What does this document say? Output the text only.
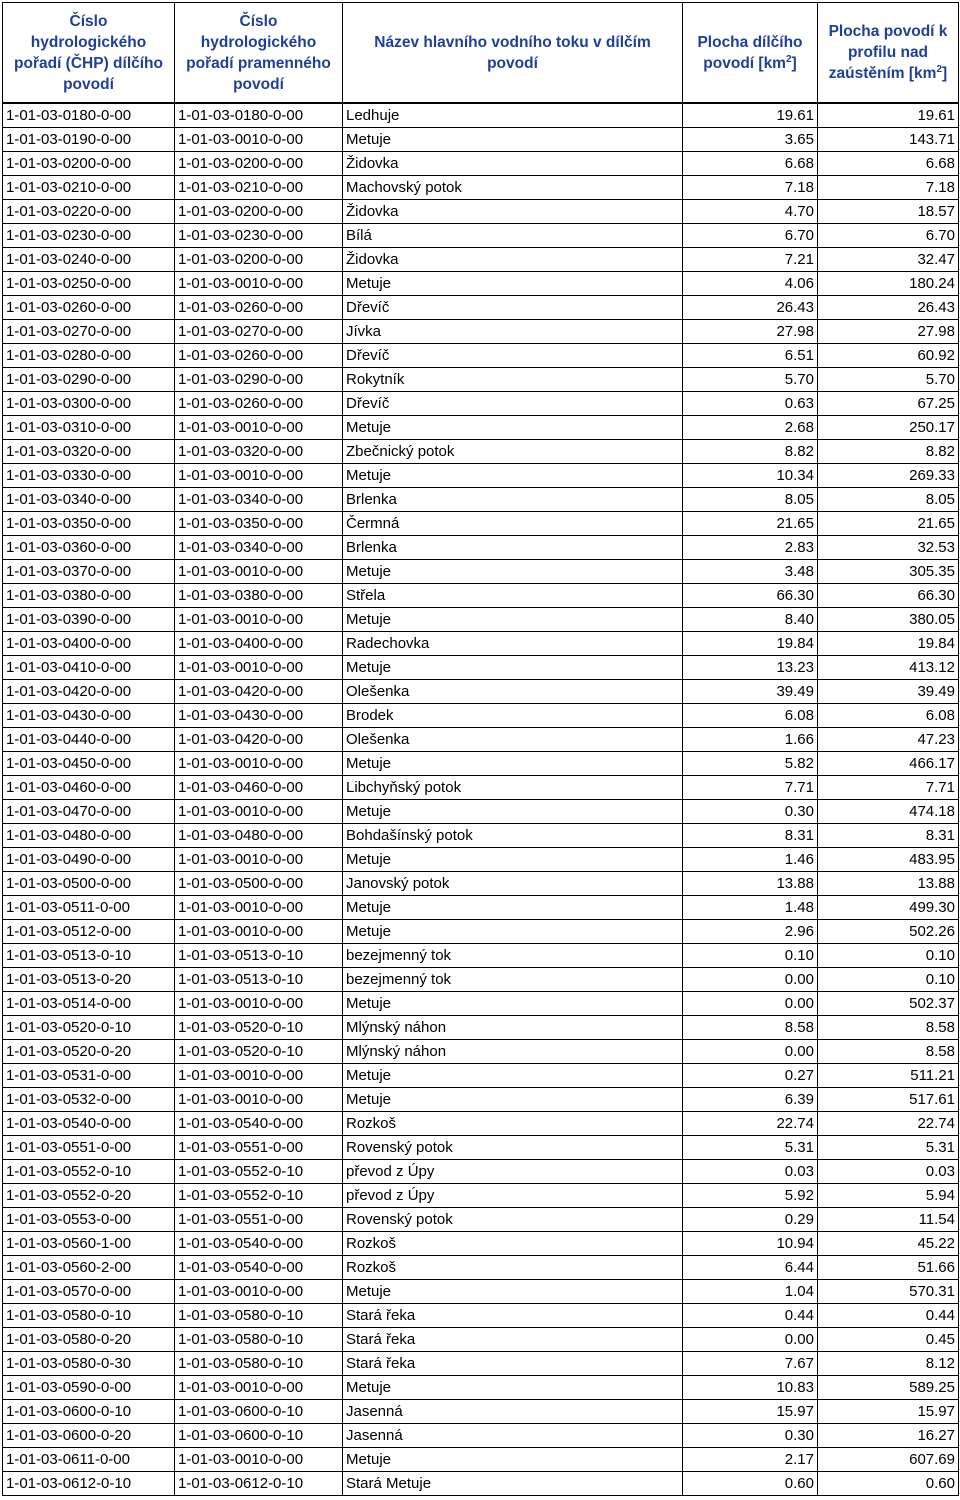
Číslo
hydrologického
pořadí (ČHP) dílčího
povodí	Číslo
hydrologického
pořadí pramenného
povodí	Název hlavního vodního toku v dílčím povodí	Plocha dílčího
povodí $[km^2]$	Plocha povodí k
profilu nad
zaústěním $[km^2]$

1-01-03-0180-0-00	1-01-03-0180-0-00	Ledhuje	19.61	19.61
1-01-03-0190-0-00	1-01-03-0010-0-00	Metuje	3.65	143.71
1-01-03-0200-0-00	1-01-03-0200-0-00	Židovka	6.68	6.68
1-01-03-0210-0-00	1-01-03-0210-0-00	Machovský potok	7.18	7.18
1-01-03-0220-0-00	1-01-03-0200-0-00	Židovka	4.70	18.57
1-01-03-0230-0-00	1-01-03-0230-0-00	Bílá	6.70	6.70
1-01-03-0240-0-00	1-01-03-0200-0-00	Židovka	7.21	32.47
1-01-03-0250-0-00	1-01-03-0010-0-00	Metuje	4.06	180.24
1-01-03-0260-0-00	1-01-03-0260-0-00	Dřevíč	26.43	26.43
1-01-03-0270-0-00	1-01-03-0270-0-00	Jívka	27.98	27.98
1-01-03-0280-0-00	1-01-03-0260-0-00	Dřevíč	6.51	60.92
1-01-03-0290-0-00	1-01-03-0290-0-00	Rokytník	5.70	5.70
1-01-03-0300-0-00	1-01-03-0260-0-00	Dřevíč	0.63	67.25
1-01-03-0310-0-00	1-01-03-0010-0-00	Metuje	2.68	250.17
1-01-03-0320-0-00	1-01-03-0320-0-00	Zbečnický potok	8.82	8.82
1-01-03-0330-0-00	1-01-03-0010-0-00	Metuje	10.34	269.33
1-01-03-0340-0-00	1-01-03-0340-0-00	Brlenka	8.05	8.05
1-01-03-0350-0-00	1-01-03-0350-0-00	Čermná	21.65	21.65
1-01-03-0360-0-00	1-01-03-0340-0-00	Brlenka	2.83	32.53
1-01-03-0370-0-00	1-01-03-0010-0-00	Metuje	3.48	305.35
1-01-03-0380-0-00	1-01-03-0380-0-00	Střela	66.30	66.30
1-01-03-0390-0-00	1-01-03-0010-0-00	Metuje	8.40	380.05
1-01-03-0400-0-00	1-01-03-0400-0-00	Radechovka	19.84	19.84
1-01-03-0410-0-00	1-01-03-0010-0-00	Metuje	13.23	413.12
1-01-03-0420-0-00	1-01-03-0420-0-00	Olešenka	39.49	39.49
1-01-03-0430-0-00	1-01-03-0430-0-00	Brodek	6.08	6.08
1-01-03-0440-0-00	1-01-03-0420-0-00	Olešenka	1.66	47.23
1-01-03-0450-0-00	1-01-03-0010-0-00	Metuje	5.82	466.17
1-01-03-0460-0-00	1-01-03-0460-0-00	Libchyňský potok	7.71	7.71
1-01-03-0470-0-00	1-01-03-0010-0-00	Metuje	0.30	474.18
1-01-03-0480-0-00	1-01-03-0480-0-00	Bohdašínský potok	8.31	8.31
1-01-03-0490-0-00	1-01-03-0010-0-00	Metuje	1.46	483.95
1-01-03-0500-0-00	1-01-03-0500-0-00	Janovský potok	13.88	13.88
1-01-03-0511-0-00	1-01-03-0010-0-00	Metuje	1.48	499.30
1-01-03-0512-0-00	1-01-03-0010-0-00	Metuje	2.96	502.26
1-01-03-0513-0-10	1-01-03-0513-0-10	bezejmenný tok	0.10	0.10
1-01-03-0513-0-20	1-01-03-0513-0-10	bezejmenný tok	0.00	0.10
1-01-03-0514-0-00	1-01-03-0010-0-00	Metuje	0.00	502.37
1-01-03-0520-0-10	1-01-03-0520-0-10	Mlýnský náhon	8.58	8.58
1-01-03-0520-0-20	1-01-03-0520-0-10	Mlýnský náhon	0.00	8.58
1-01-03-0531-0-00	1-01-03-0010-0-00	Metuje	0.27	511.21
1-01-03-0532-0-00	1-01-03-0010-0-00	Metuje	6.39	517.61
1-01-03-0540-0-00	1-01-03-0540-0-00	Rozkoš	22.74	22.74
1-01-03-0551-0-00	1-01-03-0551-0-00	Rovenský potok	5.31	5.31
1-01-03-0552-0-10	1-01-03-0552-0-10	převod z Úpy	0.03	0.03
1-01-03-0552-0-20	1-01-03-0552-0-10	převod z Úpy	5.92	5.94
1-01-03-0553-0-00	1-01-03-0551-0-00	Rovenský potok	0.29	11.54
1-01-03-0560-1-00	1-01-03-0540-0-00	Rozkoš	10.94	45.22
1-01-03-0560-2-00	1-01-03-0540-0-00	Rozkoš	6.44	51.66
1-01-03-0570-0-00	1-01-03-0010-0-00	Metuje	1.04	570.31
1-01-03-0580-0-10	1-01-03-0580-0-10	Stará řeka	0.44	0.44
1-01-03-0580-0-20	1-01-03-0580-0-10	Stará řeka	0.00	0.45
1-01-03-0580-0-30	1-01-03-0580-0-10	Stará řeka	7.67	8.12
1-01-03-0590-0-00	1-01-03-0010-0-00	Metuje	10.83	589.25
1-01-03-0600-0-10	1-01-03-0600-0-10	Jasenná	15.97	15.97
1-01-03-0600-0-20	1-01-03-0600-0-10	Jasenná	0.30	16.27
1-01-03-0611-0-00	1-01-03-0010-0-00	Metuje	2.17	607.69
1-01-03-0612-0-10	1-01-03-0612-0-10	Stará Metuje	0.60	0.60
